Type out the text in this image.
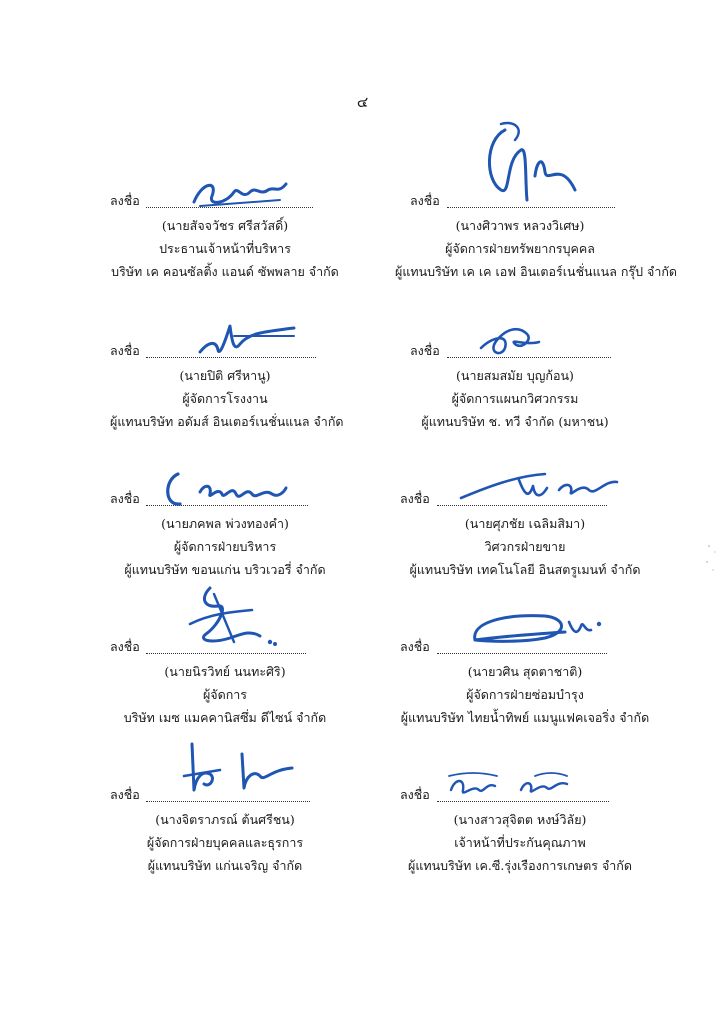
๔
ลงชื่อ
(นายสัจจวัชร ศรีสวัสดิ์)
ประธานเจ้าหน้าที่บริหาร
บริษัท เค คอนซัลติ้ง แอนด์ ซัพพลาย จำกัด
ลงชื่อ
(นางศิวาพร หลวงวิเศษ)
ผู้จัดการฝ่ายทรัพยากรบุคคล
ผู้แทนบริษัท เค เค เอฟ อินเตอร์เนชั่นแนล กรุ๊ป จำกัด
ลงชื่อ
(นายปิติ ศรีหานู)
ผู้จัดการโรงงาน
ผู้แทนบริษัท อดัมส์ อินเตอร์เนชั่นแนล จำกัด
ลงชื่อ
(นายสมสมัย บุญก้อน)
ผู้จัดการแผนกวิศวกรรม
ผู้แทนบริษัท ช. ทวี จำกัด (มหาชน)
ลงชื่อ
(นายภคพล พ่วงทองคำ)
ผู้จัดการฝ่ายบริหาร
ผู้แทนบริษัท ขอนแก่น บริวเวอรี่ จำกัด
ลงชื่อ
(นายศุภชัย เฉลิมสิมา)
วิศวกรฝ่ายขาย
ผู้แทนบริษัท เทคโนโลยี อินสตรูเมนท์ จำกัด
ลงชื่อ
(นายนิรวิทย์ นนทะศิริ)
ผู้จัดการ
บริษัท เมซ แมคคานิสซึ่ม ดีไซน์ จำกัด
ลงชื่อ
(นายวศิน สุดตาชาติ)
ผู้จัดการฝ่ายซ่อมบำรุง
ผู้แทนบริษัท ไทยน้ำทิพย์ แมนูแฟคเจอริ่ง จำกัด
ลงชื่อ
(นางจิตราภรณ์ ต้นศรีชน)
ผู้จัดการฝ่ายบุคคลและธุรการ
ผู้แทนบริษัท แก่นเจริญ จำกัด
ลงชื่อ
(นางสาวสุจิตต หงษ์วิลัย)
เจ้าหน้าที่ประกันคุณภาพ
ผู้แทนบริษัท เค.ซี.รุ่งเรืองการเกษตร จำกัด
